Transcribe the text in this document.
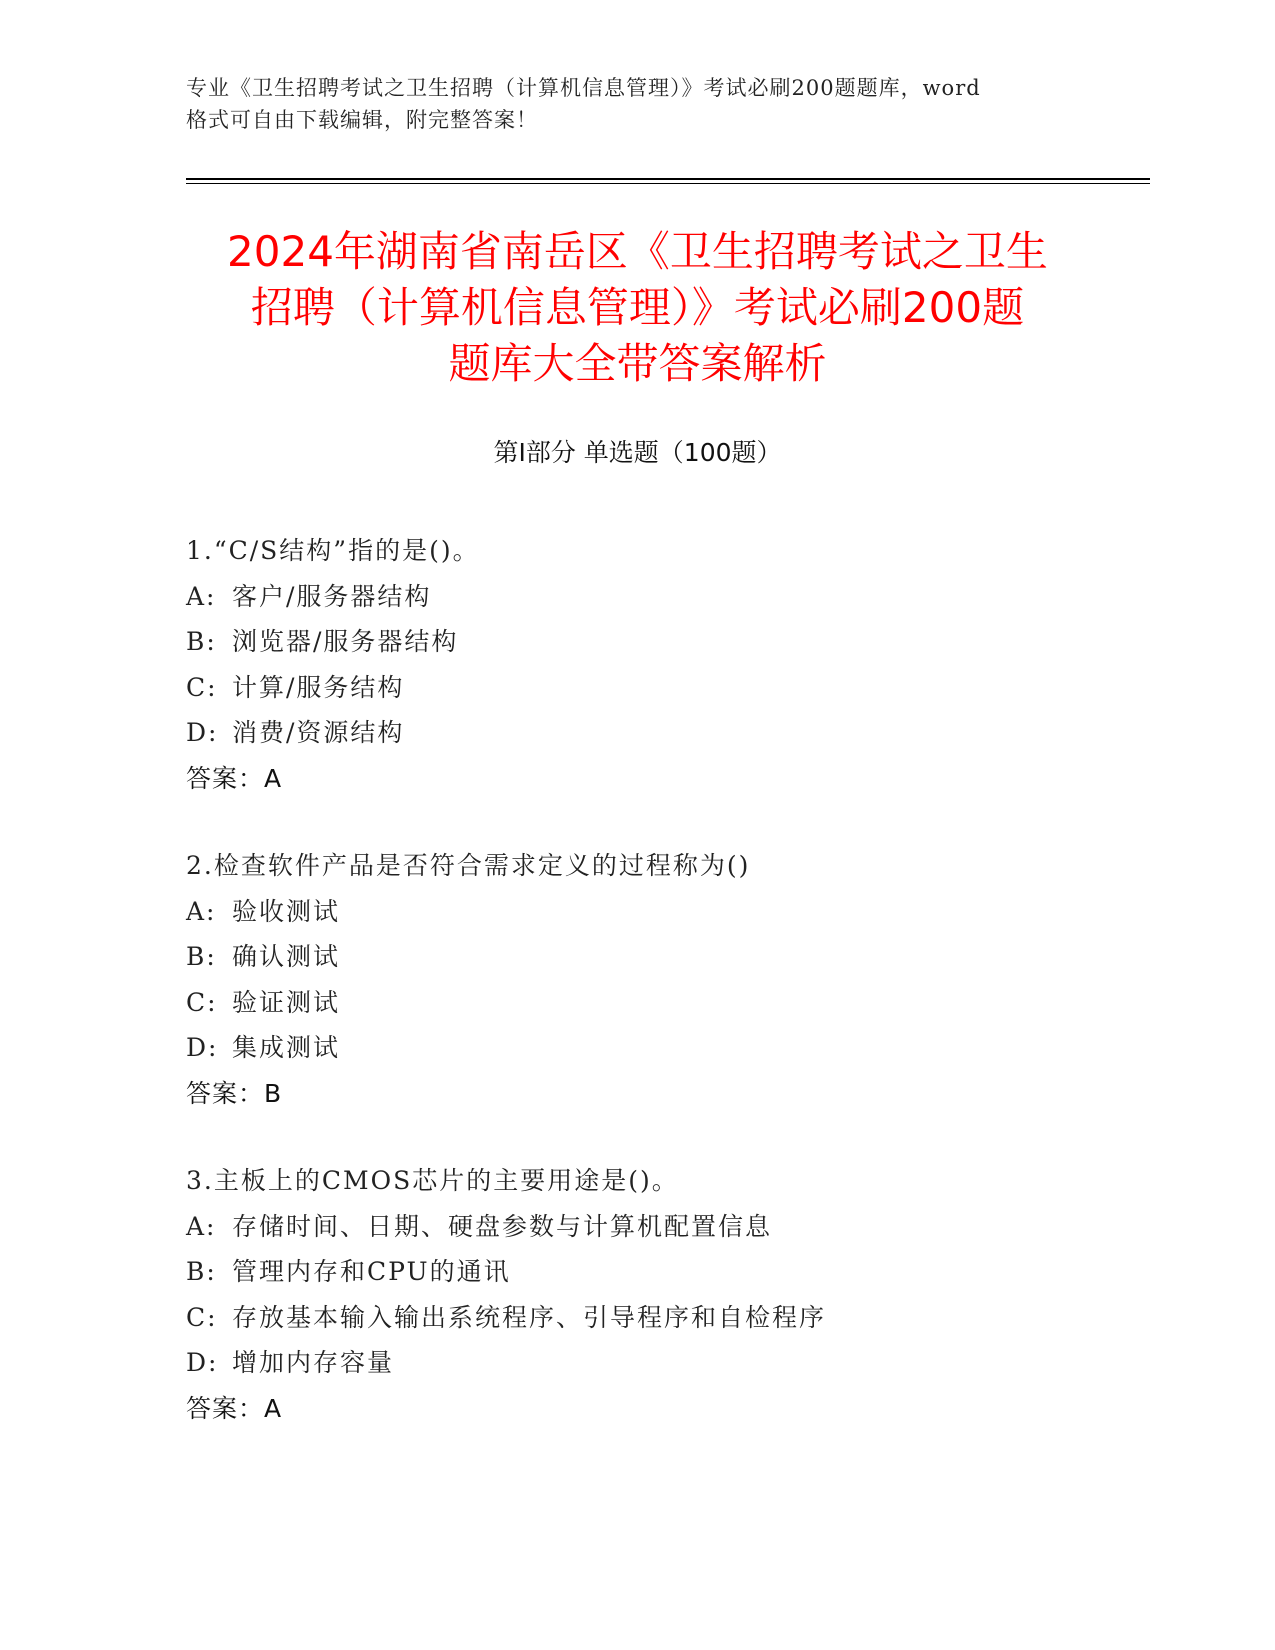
专业《卫生招聘考试之卫生招聘（计算机信息管理）》考试必刷200题题库，word
格式可自由下载编辑，附完整答案！
2024年湖南省南岳区《卫生招聘考试之卫生
招聘（计算机信息管理）》考试必刷200题
题库大全带答案解析
第Ⅰ部分 单选题（100题）
1.“C/S结构”指的是()。
A: 客户/服务器结构
B: 浏览器/服务器结构
C: 计算/服务结构
D: 消费/资源结构
答案：A
2.检查软件产品是否符合需求定义的过程称为()
A: 验收测试
B: 确认测试
C: 验证测试
D: 集成测试
答案：B
3.主板上的CMOS芯片的主要用途是()。
A: 存储时间、日期、硬盘参数与计算机配置信息
B: 管理内存和CPU的通讯
C: 存放基本输入输出系统程序、引导程序和自检程序
D: 增加内存容量
答案：A
